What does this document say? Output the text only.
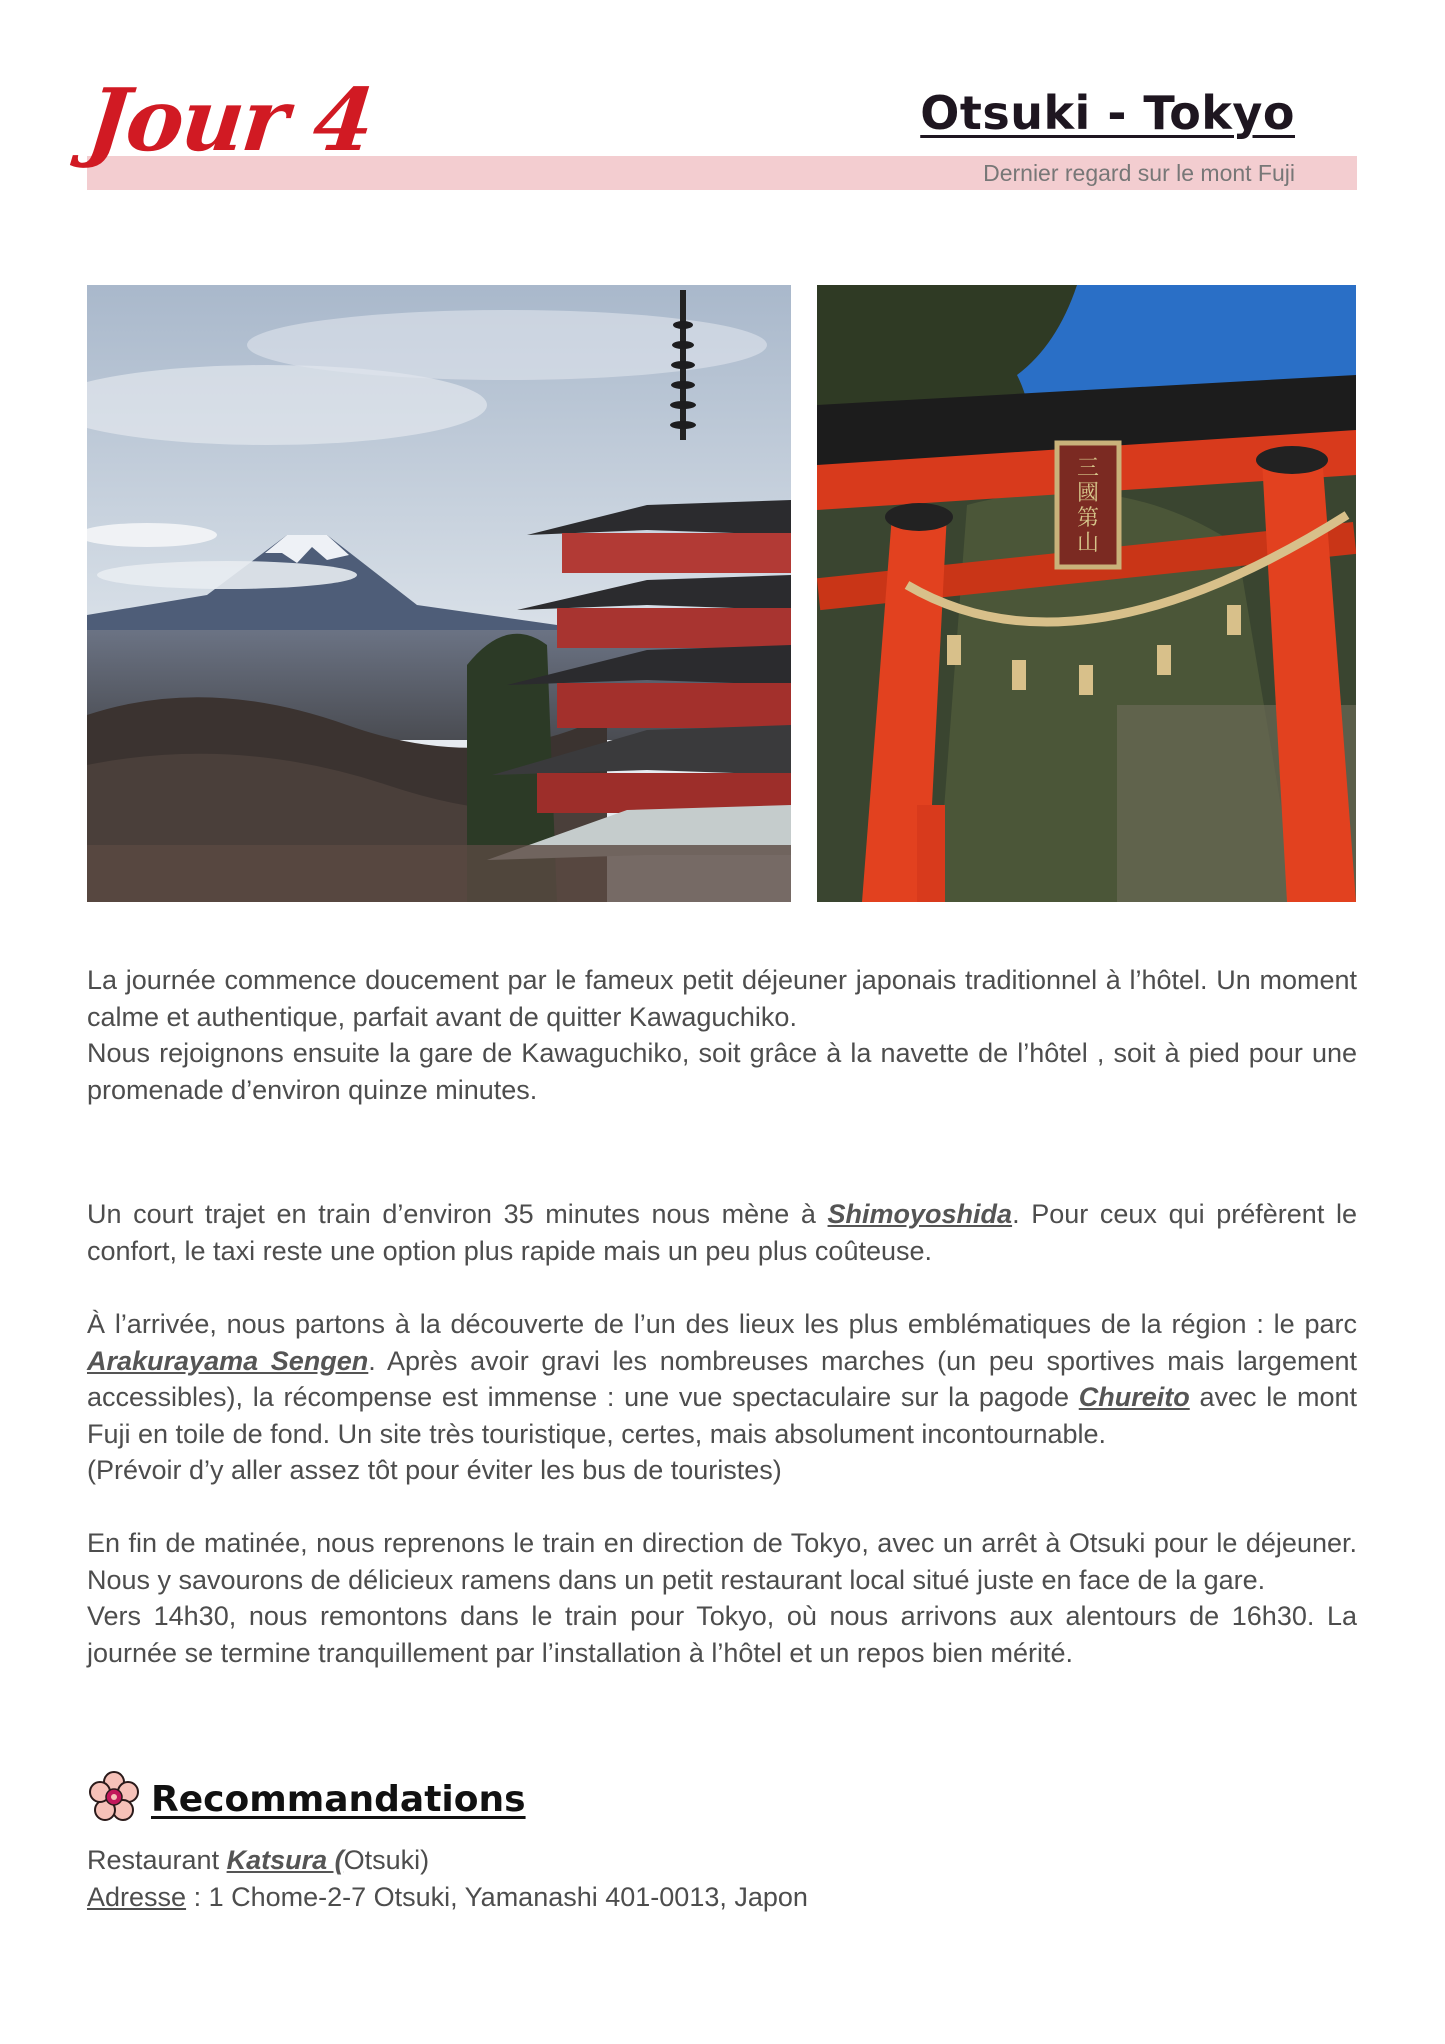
Jour 4	Otsuki - Tokyo
Dernier regard sur le mont Fuji
三
國
第
山

La journée commence doucement par le fameux petit déjeuner japonais traditionnel à l’hôtel. Un moment calme et authentique, parfait avant de quitter Kawaguchiko.

Nous rejoignons ensuite la gare de Kawaguchiko, soit grâce à la navette de l’hôtel , soit à pied pour une promenade d’environ quinze minutes.

Un court trajet en train d’environ 35 minutes nous mène à Shimoyoshida. Pour ceux qui préfèrent le confort, le taxi reste une option plus rapide mais un peu plus coûteuse.

À l’arrivée, nous partons à la découverte de l’un des lieux les plus emblématiques de la région : le parc Arakurayama Sengen. Après avoir gravi les nombreuses marches (un peu sportives mais largement accessibles), la récompense est immense : une vue spectaculaire sur la pagode Chureito avec le mont Fuji en toile de fond. Un site très touristique, certes, mais absolument incontournable.

(Prévoir d’y aller assez tôt pour éviter les bus de touristes)

En fin de matinée, nous reprenons le train en direction de Tokyo, avec un arrêt à Otsuki pour le déjeuner. Nous y savourons de délicieux ramens dans un petit restaurant local situé juste en face de la gare.

Vers 14h30, nous remontons dans le train pour Tokyo, où nous arrivons aux alentours de 16h30. La journée se termine tranquillement par l’installation à l’hôtel et un repos bien mérité.

Recommandations
Restaurant Katsura (Otsuki)
Adresse : 1 Chome-2-7 Otsuki, Yamanashi 401-0013, Japon
